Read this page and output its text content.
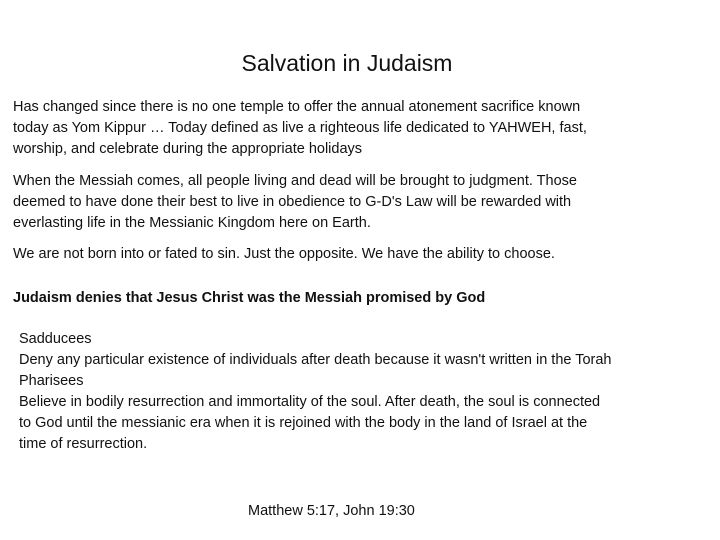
Salvation in Judaism
Has changed since there is no one temple to offer the annual atonement sacrifice known
today as Yom Kippur … Today defined as live a righteous life dedicated to YAHWEH, fast,
worship, and celebrate during the appropriate holidays
When the Messiah comes, all people living and dead will be brought to judgment. Those
deemed to have done their best to live in obedience to G-D's Law will be rewarded with
everlasting life in the Messianic Kingdom here on Earth.
We are not born into or fated to sin. Just the opposite. We have the ability to choose.
Judaism denies that Jesus Christ was the Messiah promised by God
Sadducees
Deny any particular existence of individuals after death because it wasn't written in the Torah
Pharisees
Believe in bodily resurrection and immortality of the soul. After death, the soul is connected
to God until the messianic era when it is rejoined with the body in the land of Israel at the
time of resurrection.
Matthew 5:17, John 19:30
